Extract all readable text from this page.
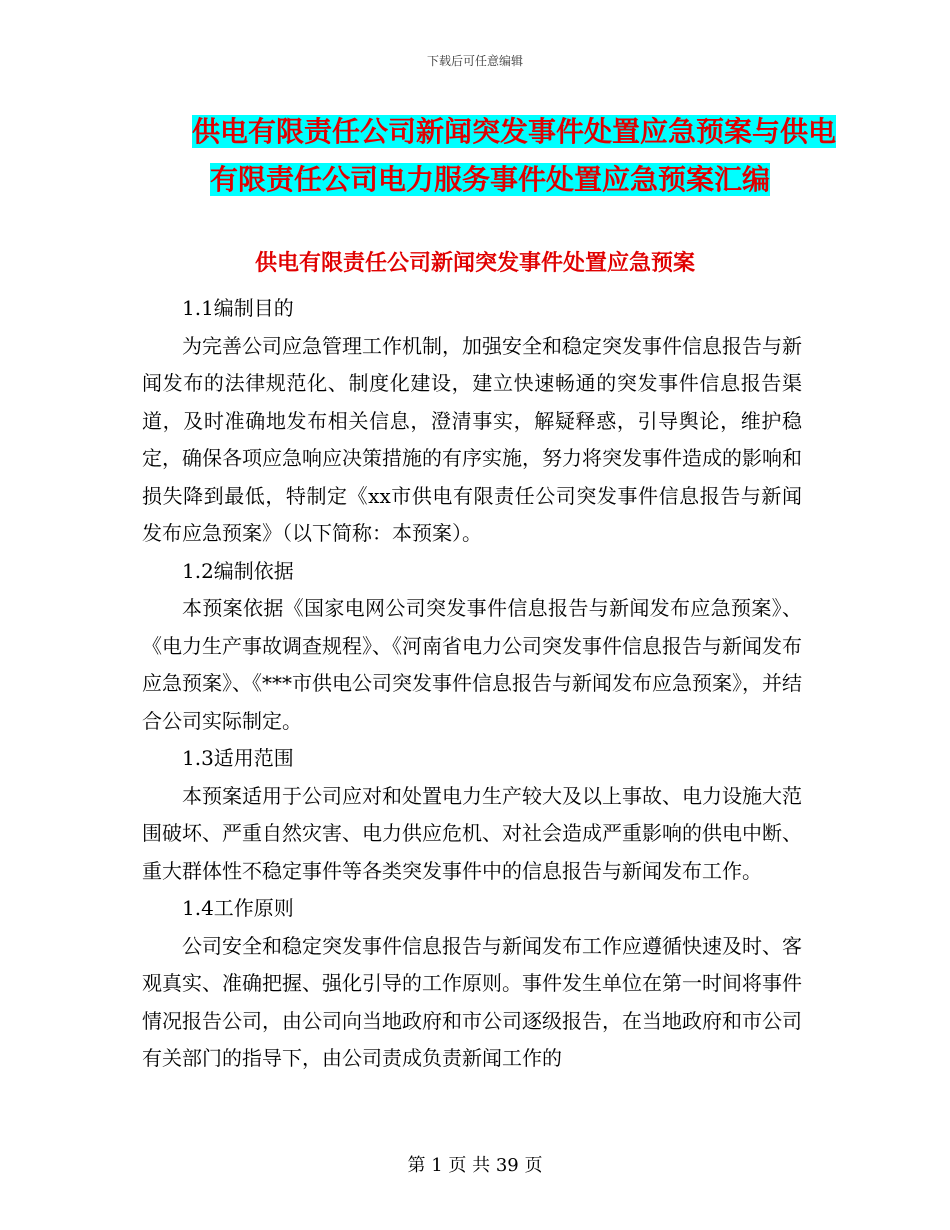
下载后可任意编辑
供电有限责任公司新闻突发事件处置应急预案与供电
有限责任公司电力服务事件处置应急预案汇编
供电有限责任公司新闻突发事件处置应急预案

1.1编制目的

为完善公司应急管理工作机制，加强安全和稳定突发事件信息报告与新闻发布的法律规范化、制度化建设，建立快速畅通的突发事件信息报告渠道，及时准确地发布相关信息，澄清事实，解疑释惑，引导舆论，维护稳定，确保各项应急响应决策措施的有序实施，努力将突发事件造成的影响和损失降到最低，特制定《xx市供电有限责任公司突发事件信息报告与新闻发布应急预案》（以下简称：本预案）。

1.2编制依据

本预案依据《国家电网公司突发事件信息报告与新闻发布应急预案》、《电力生产事故调查规程》、《河南省电力公司突发事件信息报告与新闻发布应急预案》、《***市供电公司突发事件信息报告与新闻发布应急预案》，并结合公司实际制定。

1.3适用范围

本预案适用于公司应对和处置电力生产较大及以上事故、电力设施大范围破坏、严重自然灾害、电力供应危机、对社会造成严重影响的供电中断、重大群体性不稳定事件等各类突发事件中的信息报告与新闻发布工作。

1.4工作原则

公司安全和稳定突发事件信息报告与新闻发布工作应遵循快速及时、客观真实、准确把握、强化引导的工作原则。事件发生单位在第一时间将事件情况报告公司，由公司向当地政府和市公司逐级报告，在当地政府和市公司有关部门的指导下，由公司责成负责新闻工作的

第 1 页 共 39 页
